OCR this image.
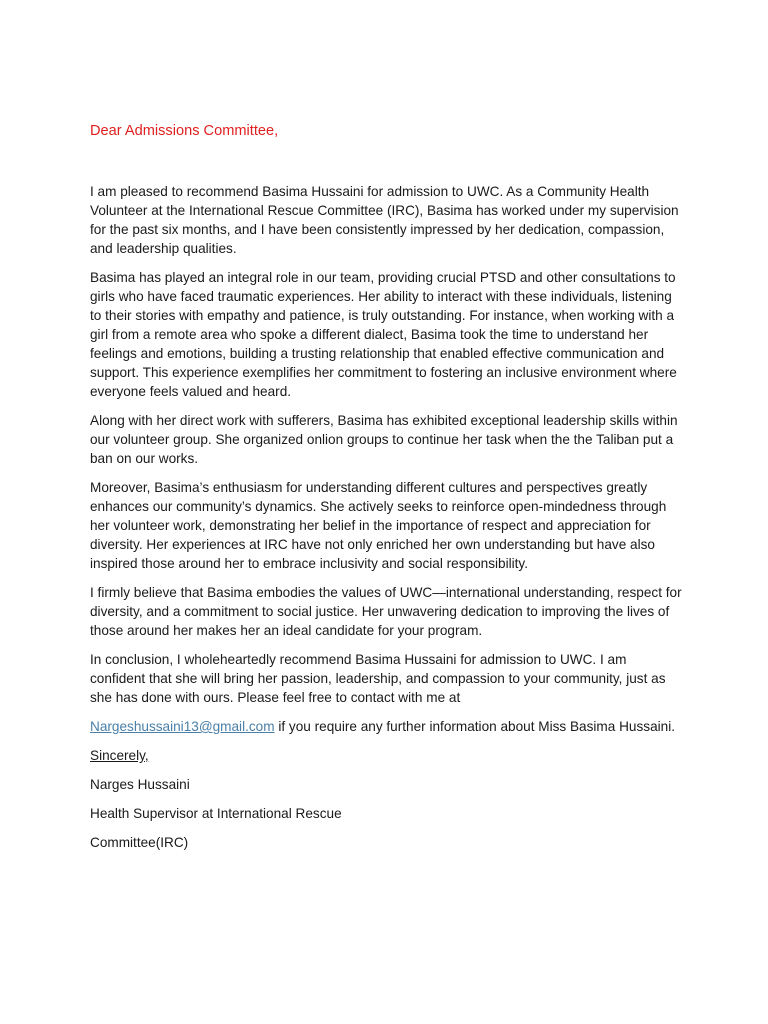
Dear Admissions Committee,

I am pleased to recommend Basima Hussaini for admission to UWC. As a Community Health Volunteer at the International Rescue Committee (IRC), Basima has worked under my supervision for the past six months, and I have been consistently impressed by her dedication, compassion, and leadership qualities.

Basima has played an integral role in our team, providing crucial PTSD and other consultations to girls who have faced traumatic experiences. Her ability to interact with these individuals, listening to their stories with empathy and patience, is truly outstanding. For instance, when working with a girl from a remote area who spoke a different dialect, Basima took the time to understand her feelings and emotions, building a trusting relationship that enabled effective communication and support. This experience exemplifies her commitment to fostering an inclusive environment where everyone feels valued and heard.

Along with her direct work with sufferers, Basima has exhibited exceptional leadership skills within our volunteer group. She organized onlion groups to continue her task when the the Taliban put a ban on our works.

Moreover, Basima’s enthusiasm for understanding different cultures and perspectives greatly enhances our community’s dynamics. She actively seeks to reinforce open-mindedness through her volunteer work, demonstrating her belief in the importance of respect and appreciation for diversity. Her experiences at IRC have not only enriched her own understanding but have also inspired those around her to embrace inclusivity and social responsibility.

I firmly believe that Basima embodies the values of UWC—international understanding, respect for diversity, and a commitment to social justice. Her unwavering dedication to improving the lives of those around her makes her an ideal candidate for your program.

In conclusion, I wholeheartedly recommend Basima Hussaini for admission to UWC. I am confident that she will bring her passion, leadership, and compassion to your community, just as she has done with ours. Please feel free to contact with me at

Nargeshussaini13@gmail.com if you require any further information about Miss Basima Hussaini.

Sincerely,

Narges Hussaini

Health Supervisor at International Rescue

Committee(IRC)
